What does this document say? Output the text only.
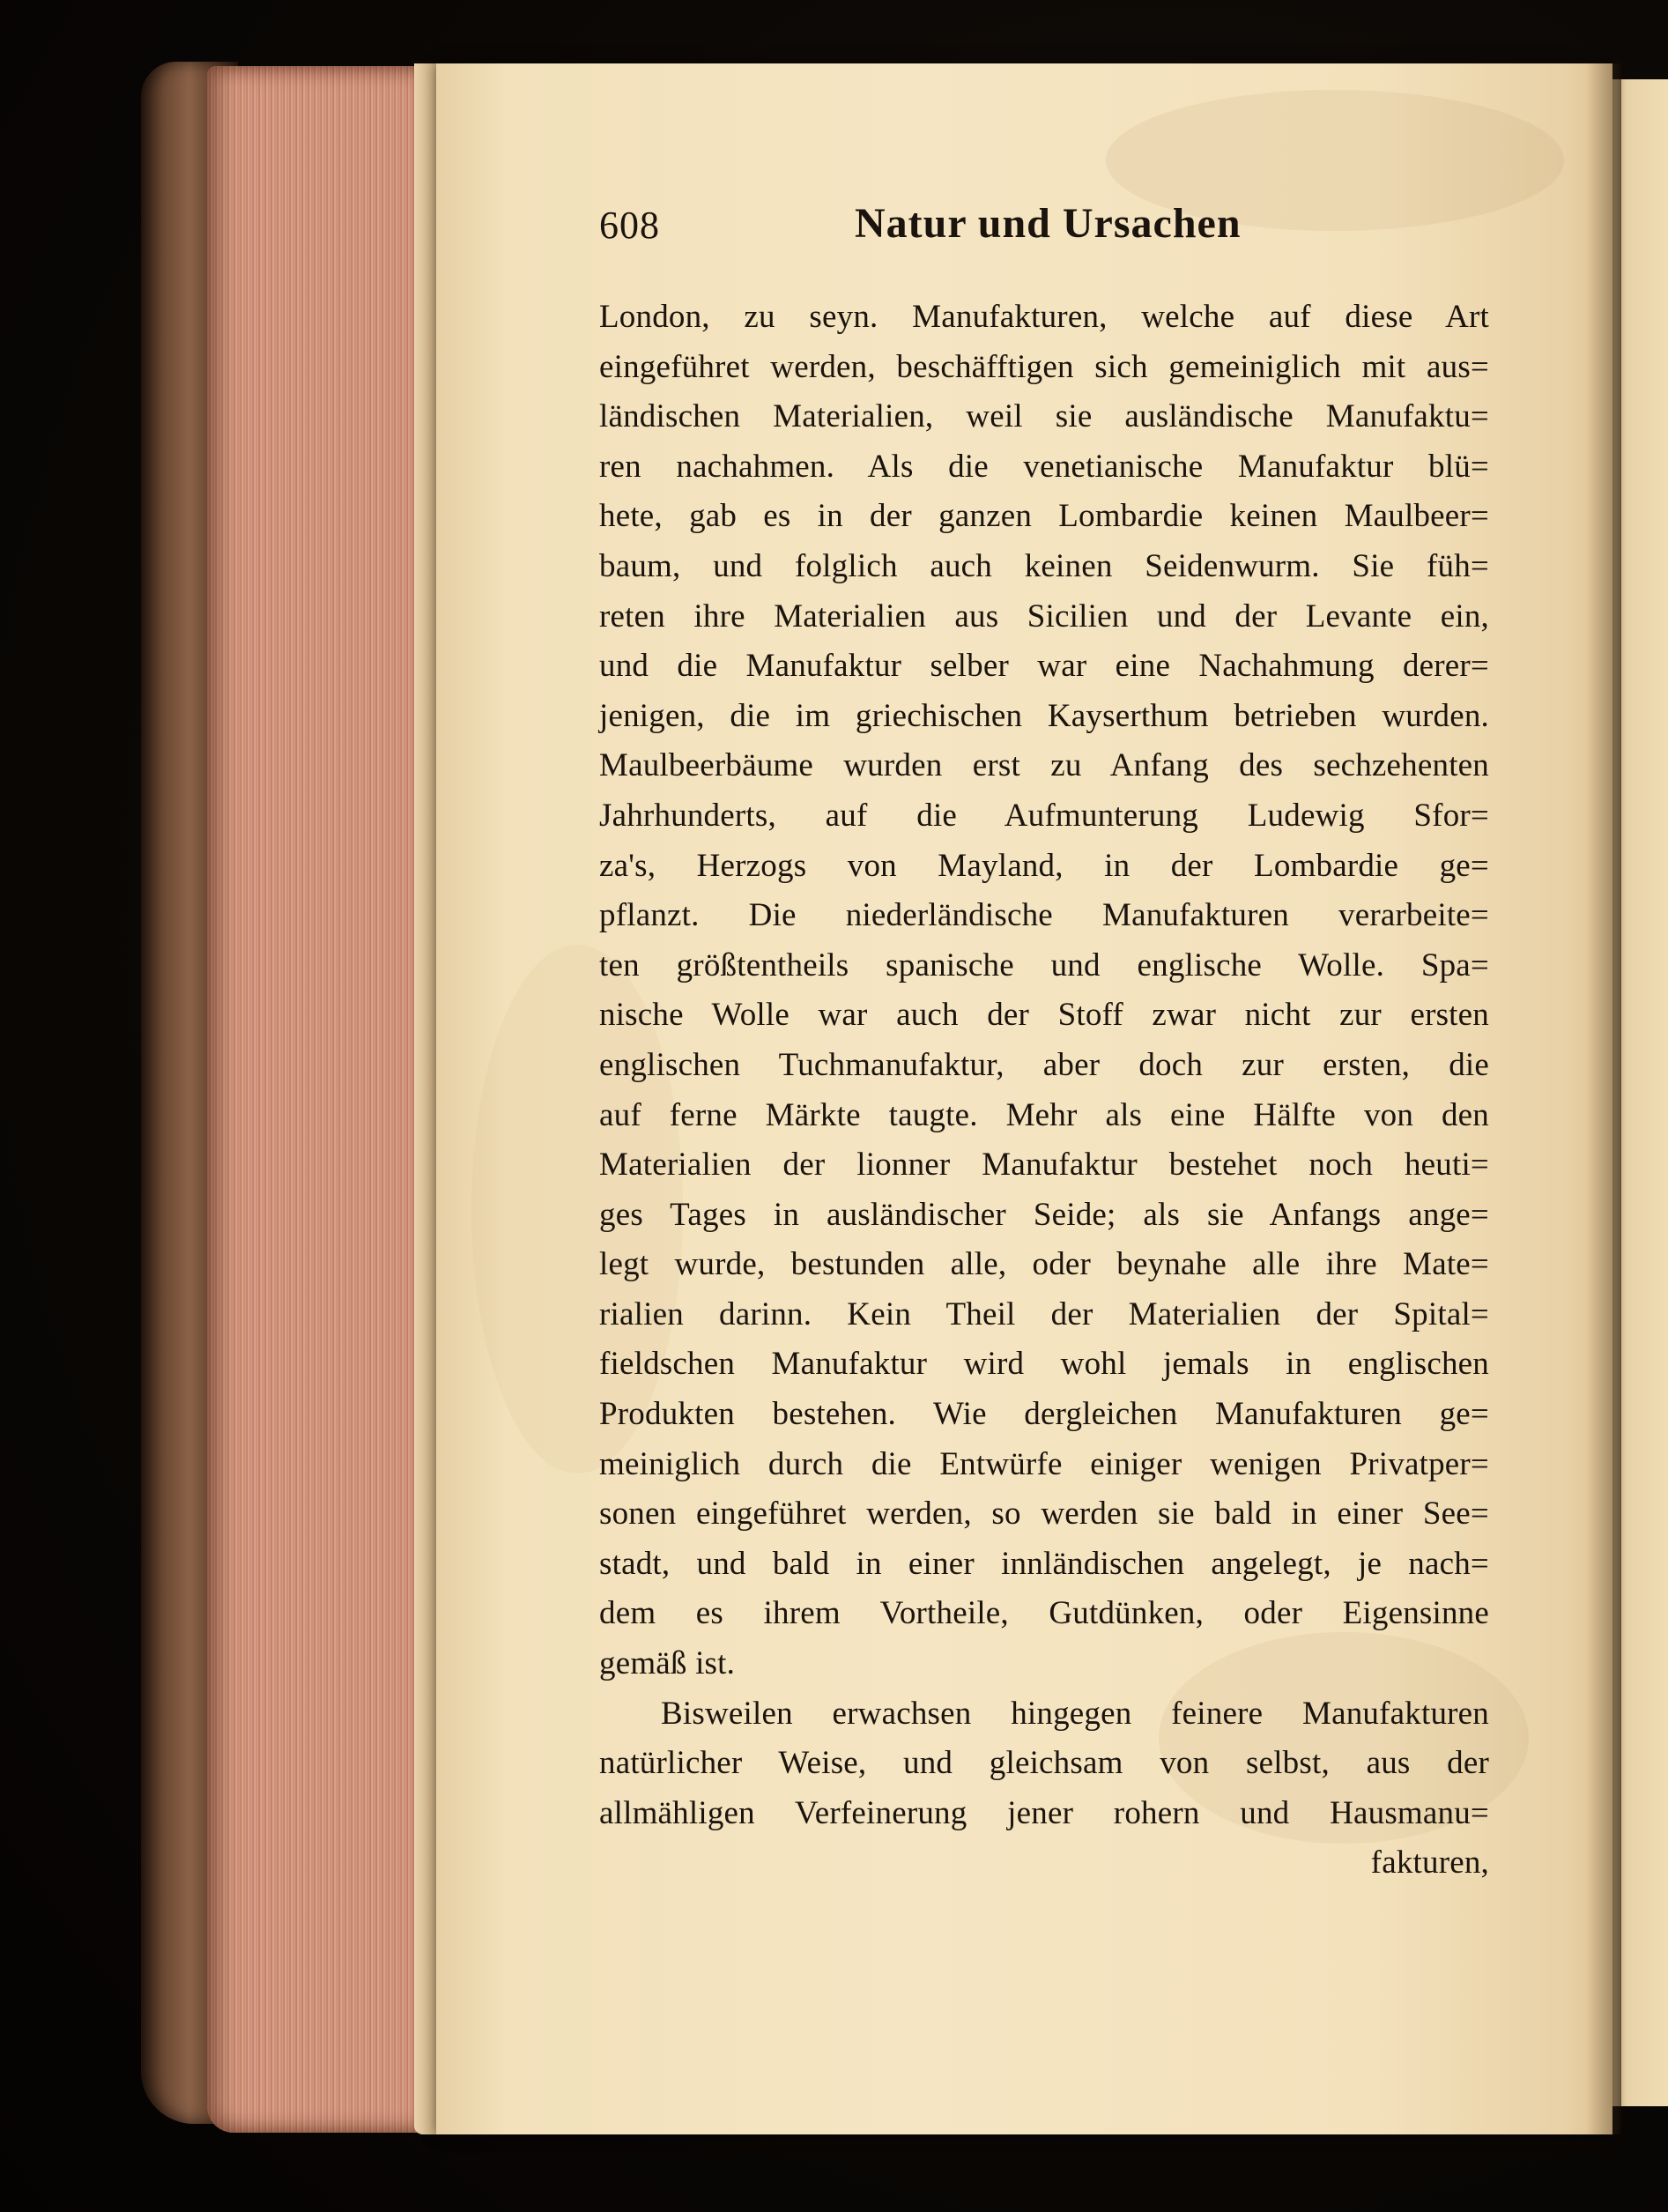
608	Natur und Ursachen
London, zu seyn. Manufakturen, welche auf diese Art
eingeführet werden, beschäfftigen sich gemeiniglich mit aus=
ländischen Materialien, weil sie ausländische Manufaktu=
ren nachahmen. Als die venetianische Manufaktur blü=
hete, gab es in der ganzen Lombardie keinen Maulbeer=
baum, und folglich auch keinen Seidenwurm. Sie füh=
reten ihre Materialien aus Sicilien und der Levante ein,
und die Manufaktur selber war eine Nachahmung derer=
jenigen, die im griechischen Kayserthum betrieben wurden.
Maulbeerbäume wurden erst zu Anfang des sechzehenten
Jahrhunderts, auf die Aufmunterung Ludewig Sfor=
za's, Herzogs von Mayland, in der Lombardie ge=
pflanzt. Die niederländische Manufakturen verarbeite=
ten größtentheils spanische und englische Wolle. Spa=
nische Wolle war auch der Stoff zwar nicht zur ersten
englischen Tuchmanufaktur, aber doch zur ersten, die
auf ferne Märkte taugte. Mehr als eine Hälfte von den
Materialien der lionner Manufaktur bestehet noch heuti=
ges Tages in ausländischer Seide; als sie Anfangs ange=
legt wurde, bestunden alle, oder beynahe alle ihre Mate=
rialien darinn. Kein Theil der Materialien der Spital=
fieldschen Manufaktur wird wohl jemals in englischen
Produkten bestehen. Wie dergleichen Manufakturen ge=
meiniglich durch die Entwürfe einiger wenigen Privatper=
sonen eingeführet werden, so werden sie bald in einer See=
stadt, und bald in einer innländischen angelegt, je nach=
dem es ihrem Vortheile, Gutdünken, oder Eigensinne
gemäß ist.
Bisweilen erwachsen hingegen feinere Manufakturen
natürlicher Weise, und gleichsam von selbst, aus der
allmähligen Verfeinerung jener rohern und Hausmanu=
fakturen,
